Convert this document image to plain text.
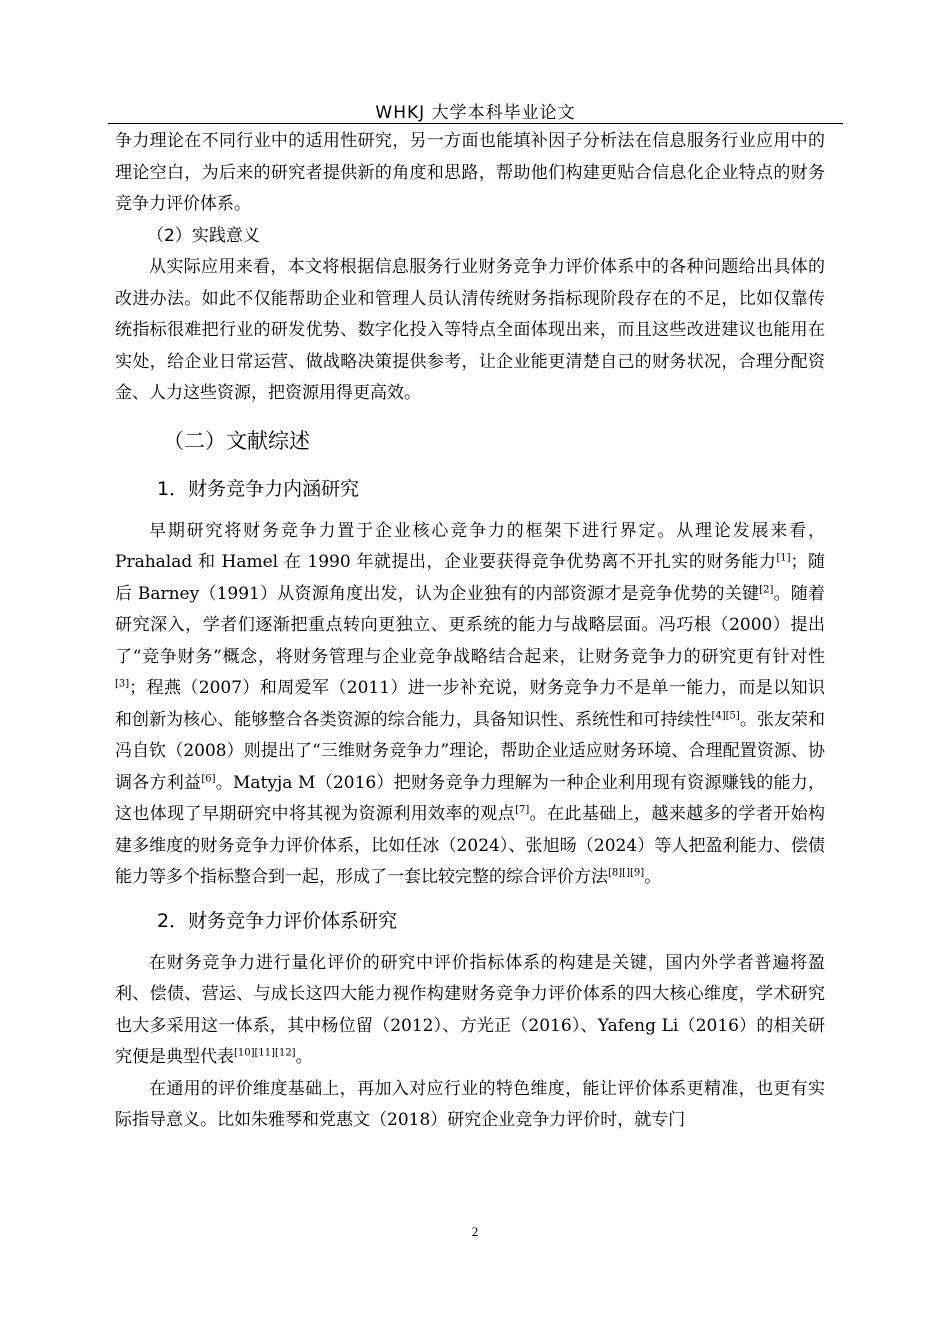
WHKJ 大学本科毕业论文

争力理论在不同行业中的适用性研究，另一方面也能填补因子分析法在信息服务行业应用中的理论空白，为后来的研究者提供新的角度和思路，帮助他们构建更贴合信息化企业特点的财务竞争力评价体系。

（2）实践意义

从实际应用来看，本文将根据信息服务行业财务竞争力评价体系中的各种问题给出具体的改进办法。如此不仅能帮助企业和管理人员认清传统财务指标现阶段存在的不足，比如仅靠传统指标很难把行业的研发优势、数字化投入等特点全面体现出来，而且这些改进建议也能用在实处，给企业日常运营、做战略决策提供参考，让企业能更清楚自己的财务状况，合理分配资金、人力这些资源，把资源用得更高效。

（二）文献综述
1．财务竞争力内涵研究

早期研究将财务竞争力置于企业核心竞争力的框架下进行界定。从理论发展来看，Prahalad 和 Hamel 在 1990 年就提出，企业要获得竞争优势离不开扎实的财务能力[1]；随后 Barney（1991）从资源角度出发，认为企业独有的内部资源才是竞争优势的关键[2]。随着研究深入，学者们逐渐把重点转向更独立、更系统的能力与战略层面。冯巧根（2000）提出了“竞争财务”概念，将财务管理与企业竞争战略结合起来，让财务竞争力的研究更有针对性[3]；程燕（2007）和周爱军（2011）进一步补充说，财务竞争力不是单一能力，而是以知识和创新为核心、能够整合各类资源的综合能力，具备知识性、系统性和可持续性[4][5]。张友荣和冯自钦（2008）则提出了“三维财务竞争力”理论，帮助企业适应财务环境、合理配置资源、协调各方利益[6]。Matyja M（2016）把财务竞争力理解为一种企业利用现有资源赚钱的能力，这也体现了早期研究中将其视为资源利用效率的观点[7]。在此基础上，越来越多的学者开始构建多维度的财务竞争力评价体系，比如任冰（2024）、张旭旸（2024）等人把盈利能力、偿债能力等多个指标整合到一起，形成了一套比较完整的综合评价方法[8][][9]。

2．财务竞争力评价体系研究

在财务竞争力进行量化评价的研究中评价指标体系的构建是关键，国内外学者普遍将盈利、偿债、营运、与成长这四大能力视作构建财务竞争力评价体系的四大核心维度，学术研究也大多采用这一体系，其中杨位留（2012）、方光正（2016）、Yafeng Li（2016）的相关研究便是典型代表[10][11][12]。

在通用的评价维度基础上，再加入对应行业的特色维度，能让评价体系更精准，也更有实际指导意义。比如朱雅琴和党惠文（2018）研究企业竞争力评价时，就专门

2
